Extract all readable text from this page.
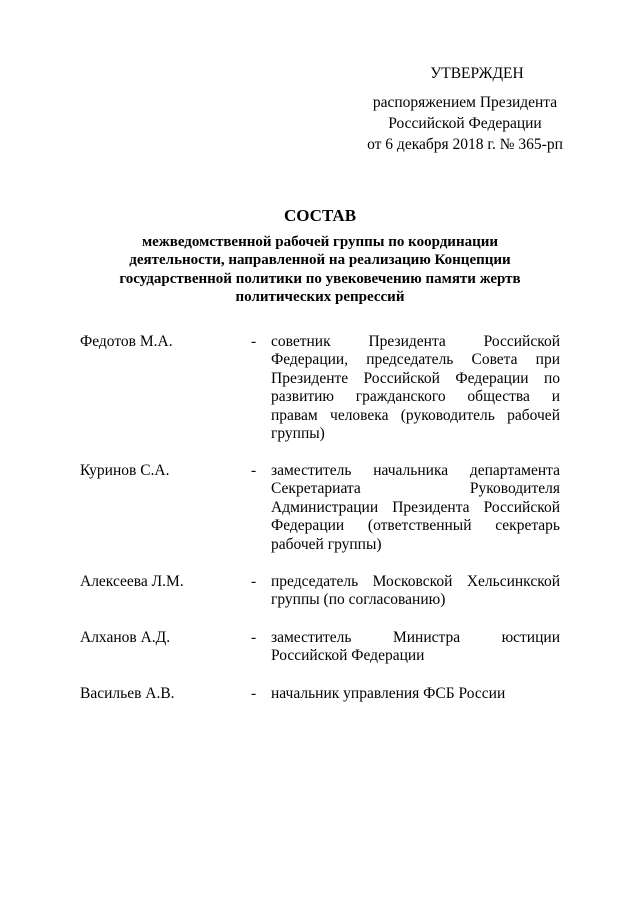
УТВЕРЖДЕН
распоряжением Президента
Российской Федерации
от 6 декабря 2018 г. № 365-рп
СОСТАВ
межведомственной рабочей группы по координации
деятельности, направленной на реализацию Концепции
государственной политики по увековечению памяти жертв
политических репрессий
Федотов М.А.	- советник Президента Российской
Федерации, председатель Совета при
Президенте Российской Федерации по
развитию гражданского общества и
правам человека (руководитель рабочей
группы)
Куринов С.А.	- заместитель начальника департамента
Секретариата Руководителя
Администрации Президента Российской
Федерации (ответственный секретарь
рабочей группы)
Алексеева Л.М.	- председатель Московской Хельсинкской
группы (по согласованию)
Алханов А.Д.	- заместитель Министра юстиции
Российской Федерации
Васильев А.В.	- начальник управления ФСБ России
